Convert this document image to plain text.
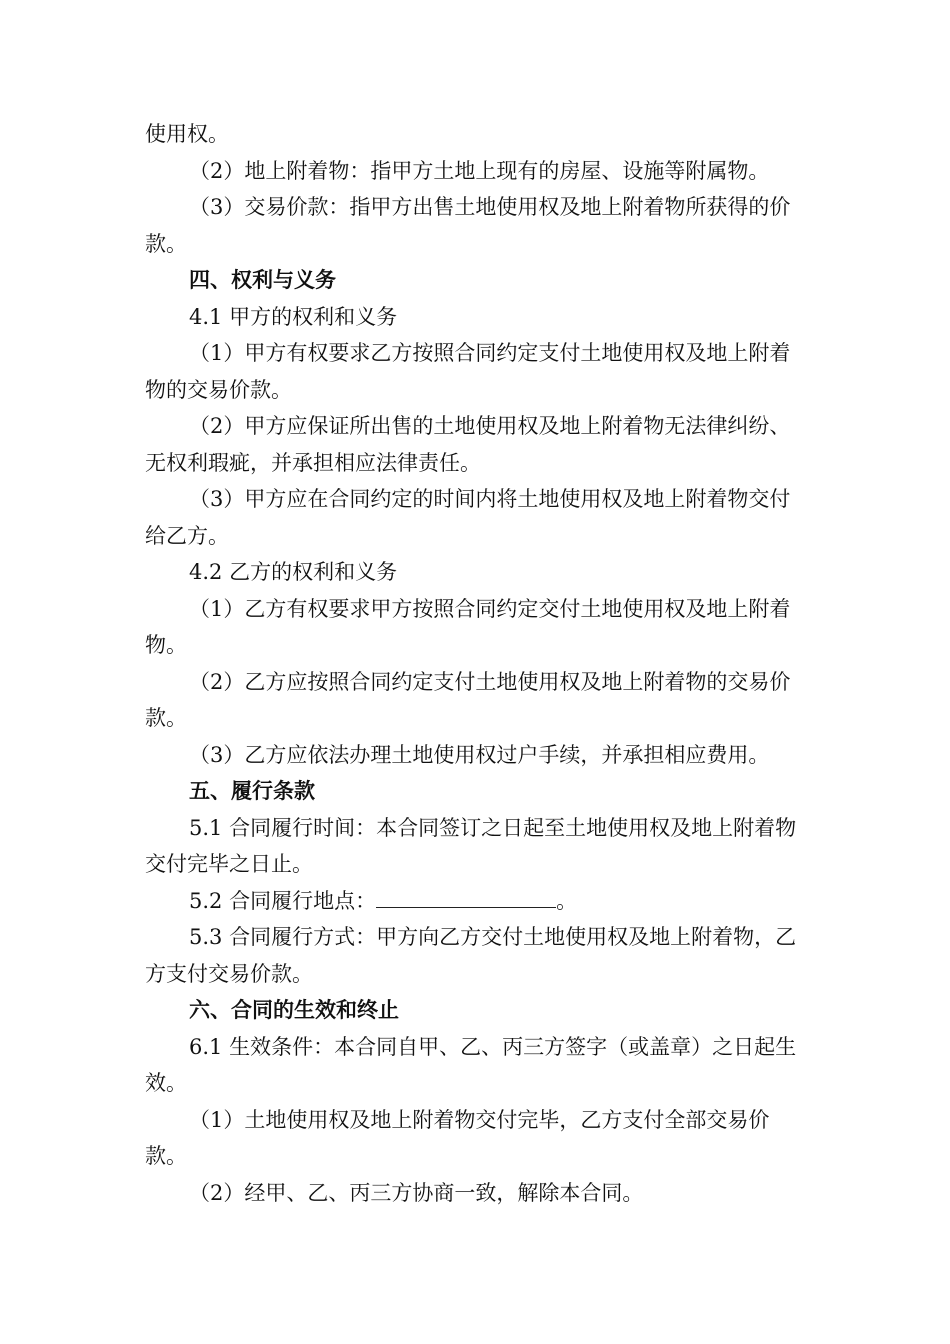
使用权。

（2）地上附着物：指甲方土地上现有的房屋、设施等附属物。

（3）交易价款：指甲方出售土地使用权及地上附着物所获得的价款。

四、权利与义务

4.1 甲方的权利和义务

（1）甲方有权要求乙方按照合同约定支付土地使用权及地上附着物的交易价款。

（2）甲方应保证所出售的土地使用权及地上附着物无法律纠纷、无权利瑕疵，并承担相应法律责任。

（3）甲方应在合同约定的时间内将土地使用权及地上附着物交付给乙方。

4.2 乙方的权利和义务

（1）乙方有权要求甲方按照合同约定交付土地使用权及地上附着物。

（2）乙方应按照合同约定支付土地使用权及地上附着物的交易价款。

（3）乙方应依法办理土地使用权过户手续，并承担相应费用。

五、履行条款

5.1 合同履行时间：本合同签订之日起至土地使用权及地上附着物交付完毕之日止。

5.2 合同履行地点：	。

5.3 合同履行方式：甲方向乙方交付土地使用权及地上附着物，乙方支付交易价款。

六、合同的生效和终止

6.1 生效条件：本合同自甲、乙、丙三方签字（或盖章）之日起生效。

（1）土地使用权及地上附着物交付完毕，乙方支付全部交易价款。

（2）经甲、乙、丙三方协商一致，解除本合同。
